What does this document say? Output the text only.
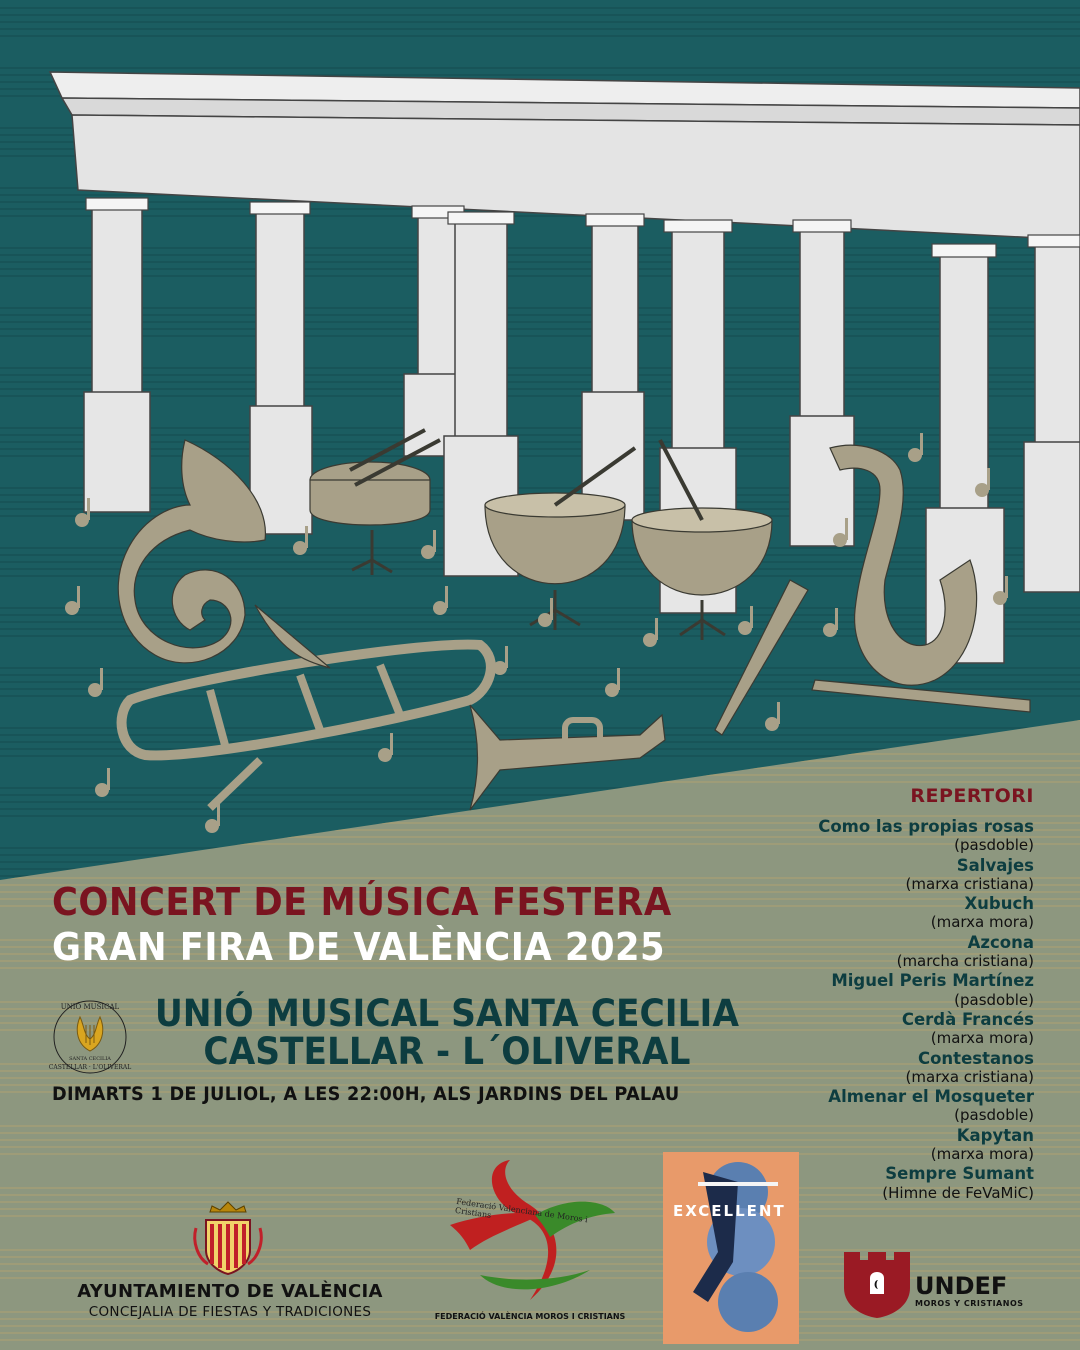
CONCERT DE MÚSICA FESTERA
GRAN FIRA DE VALÈNCIA 2025
UNIÓ MUSICAL
SANTA CECILIA
CASTELLAR · L'OLIVERAL
UNIÓ MUSICAL SANTA CECILIA
CASTELLAR - L´OLIVERAL
DIMARTS 1 DE JULIOL, A LES 22:00H, ALS JARDINS DEL PALAU
REPERTORI
Como las propias rosas
(pasdoble)
Salvajes
(marxa cristiana)
Xubuch
(marxa mora)
Azcona
(marcha cristiana)
Miguel Peris Martínez
(pasdoble)
Cerdà Francés
(marxa mora)
Contestanos
(marxa cristiana)
Almenar el Mosqueter
(pasdoble)
Kapytan
(marxa mora)
Sempre Sumant
(Himne de FeVaMiC)
AYUNTAMIENTO DE VALÈNCIA
CONCEJALIA DE FIESTAS Y TRADICIONES
Federació Valenciana de Moros i Cristians
FEDERACIÓ VALÈNCIA MOROS I CRISTIANS
EXCELLENT
UNDEF
MOROS Y CRISTIANOS
